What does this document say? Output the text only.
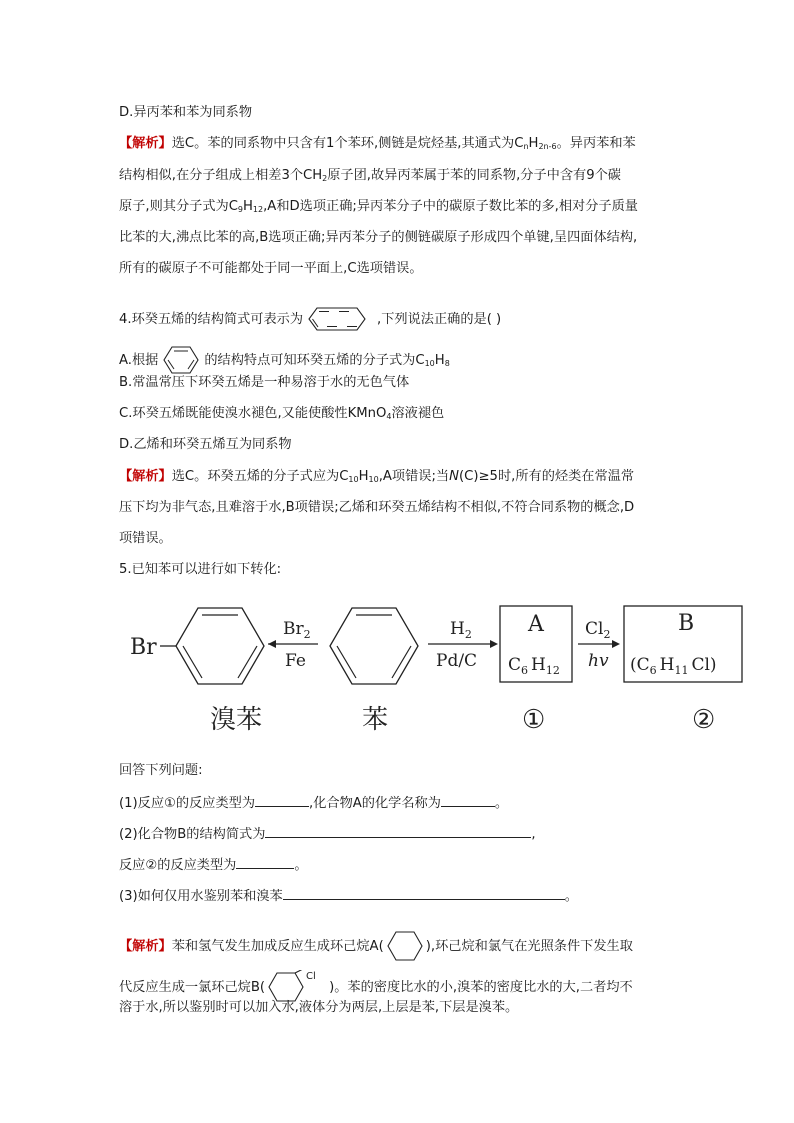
D.异丙苯和苯为同系物
【解析】选C。苯的同系物中只含有1个苯环,侧链是烷烃基,其通式为$C_nH_{2n-6}$。异丙苯和苯
结构相似,在分子组成上相差3个$CH_2$原子团,故异丙苯属于苯的同系物,分子中含有9个碳
原子,则其分子式为$C_9H_{12},A$和D选项正确;异丙苯分子中的碳原子数比苯的多,相对分子质量
比苯的大,沸点比苯的高,B选项正确;异丙苯分子的侧链碳原子形成四个单键,呈四面体结构,
所有的碳原子不可能都处于同一平面上,C选项错误。
4.环癸五烯的结构简式可表示为	,下列说法正确的是( )
A.根据	的结构特点可知环癸五烯的分子式为$C_{10}H_8$
B.常温常压下环癸五烯是一种易溶于水的无色气体
C.环癸五烯既能使溴水褪色,又能使酸性KMnO$_4$溶液褪色
D.乙烯和环癸五烯互为同系物
【解析】选C。环癸五烯的分子式应为$C_{10}H_{10},A$项错误;当N(C)≥5时,所有的烃类在常温常
压下均为非气态,且难溶于水,B项错误;乙烯和环癸五烯结构不相似,不符合同系物的概念,D
项错误。
5.已知苯可以进行如下转化:
Br
$Br_2$
Fe
$H_2$
Pd/C
A
$C_6$ $H_{12}$
$Cl_2$
hv
B
($C_6$ $H_{11}$ Cl)
溴苯	苯	①	②
回答下列问题:
(1)反应①的反应类型为	,化合物A的化学名称为	。
(2)化合物B的结构简式为	,
反应②的反应类型为	。
(3)如何仅用水鉴别苯和溴苯	。
【解析】苯和氢气发生加成反应生成环己烷A(	),环己烷和氯气在光照条件下发生取
代反应生成一氯环己烷B(
Cl
)。苯的密度比水的小,溴苯的密度比水的大,二者均不
溶于水,所以鉴别时可以加入水,液体分为两层,上层是苯,下层是溴苯。
